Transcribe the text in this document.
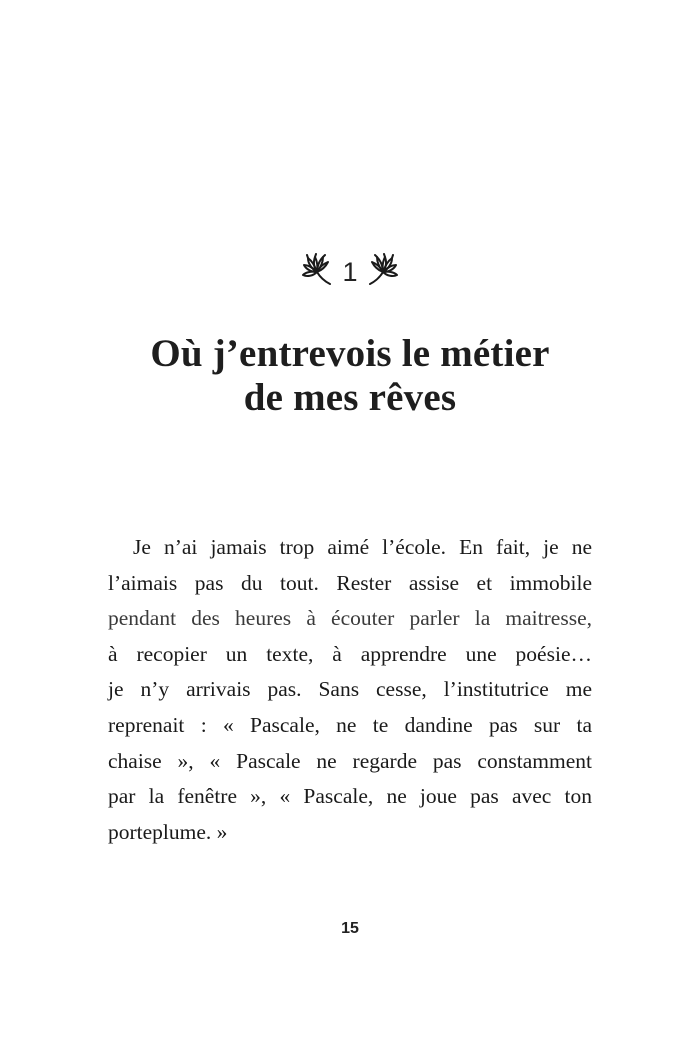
1
Où j’entrevois le métier
de mes rêves
Je n’ai jamais trop aimé l’école. En fait, je ne
l’aimais pas du tout. Rester assise et immobile
pendant des heures à écouter parler la maitresse,
à recopier un texte, à apprendre une poésie…
je n’y arrivais pas. Sans cesse, l’institutrice me
reprenait : « Pascale, ne te dandine pas sur ta
chaise », « Pascale ne regarde pas constamment
par la fenêtre », « Pascale, ne joue pas avec ton
porteplume. »
15
